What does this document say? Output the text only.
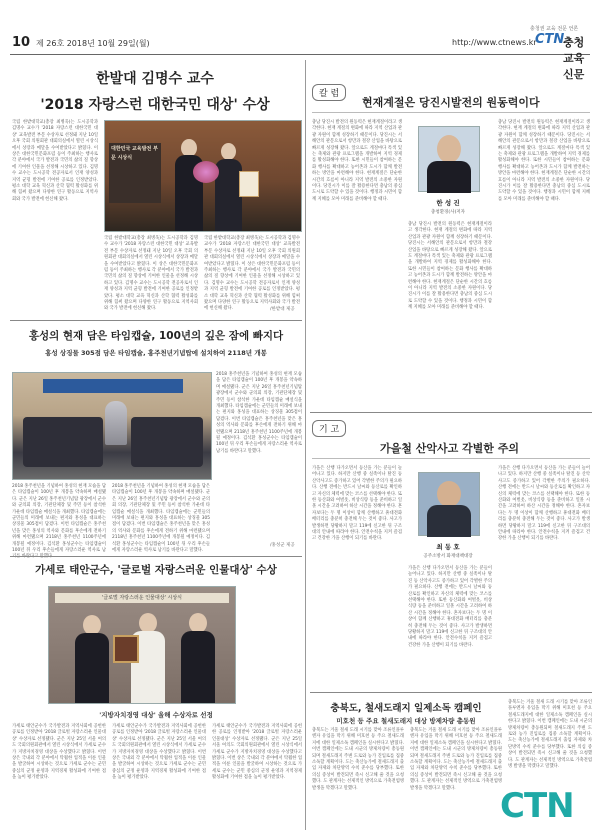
10 제 26호 2018년 10월 29일(월)
충청권 교육 전문 언론
http://www.ctnews.kr
CTN
충청교육신문
한발대 김명수 교수
'2018 자랑스런 대한국민 대상' 수상
국립 한밭대학교(총장 최병욱)는 도시공학과 김명수 교수가 '2018 자랑스런 대한국민 대상' 교육발전 부문 수상자로 선정돼 지난 10일 오후 국회 의원회관 대회의실에서 열린 시상식에서 상장과 메달을 수여받았다고 밝혔다. 이 상은 대한국민문화포럼 등이 주최하는 행사로 각 분야에서 국가 발전과 국민의 삶의 질 향상에 기여한 인물을 선정해 시상하고 있다. 김명수 교수는 도시공학 전공자로서 인재 양성과 지역 균형 발전에 기여한 공로를 인정받았다. 평소 대학 교육 혁신과 산학 협력 활성화를 위해 힘써 왔으며 다양한 연구 활동으로 지역사회와 국가 발전에 헌신해 왔다.
대한민국 교육발전 부문 시상식
국립 한밭대학교(총장 최병욱)는 도시공학과 김명수 교수가 '2018 자랑스런 대한국민 대상' 교육발전 부문 수상자로 선정돼 지난 10일 오후 국회 의원회관 대회의실에서 열린 시상식에서 상장과 메달을 수여받았다고 밝혔다. 이 상은 대한국민문화포럼 등이 주최하는 행사로 각 분야에서 국가 발전과 국민의 삶의 질 향상에 기여한 인물을 선정해 시상하고 있다. 김명수 교수는 도시공학 전공자로서 인재 양성과 지역 균형 발전에 기여한 공로를 인정받았다. 평소 대학 교육 혁신과 산학 협력 활성화를 위해 힘써 왔으며 다양한 연구 활동으로 지역사회와 국가 발전에 헌신해 왔다.
국립 한밭대학교(총장 최병욱)는 도시공학과 김명수 교수가 '2018 자랑스런 대한국민 대상' 교육발전 부문 수상자로 선정돼 지난 10일 오후 국회 의원회관 대회의실에서 열린 시상식에서 상장과 메달을 수여받았다고 밝혔다. 이 상은 대한국민문화포럼 등이 주최하는 행사로 각 분야에서 국가 발전과 국민의 삶의 질 향상에 기여한 인물을 선정해 시상하고 있다. 김명수 교수는 도시공학 전공자로서 인재 양성과 지역 균형 발전에 기여한 공로를 인정받았다. 평소 대학 교육 혁신과 산학 협력 활성화를 위해 힘써 왔으며 다양한 연구 활동으로 지역사회와 국가 발전에 헌신해 왔다.	/한밭대 제공
홍성의 현재 담은 타임캡슐, 100년의 깊은 잠에 빠지다
홍성 상징물 305점 담은 타임캡슐, 홍주천년기념탑에 설치하여 2118년 개봉
2018 홍주천년을 기념하여 홍성의 현재 모습을 담은 타임캡슐이 100년 후 개봉을 약속하며 매설됐다. 군은 지난 26일 홍주천년기념탑 광장에서 군수와 군의회 의장, 기관단체장 및 주민 등이 참석한 가운데 타임캡슐 매설식을 개최했다. 타임캡슐에는 군민들의 미래에 보내는 편지와 홍성을 대표하는 상징물 305점이 담겼다. 이번 타임캡슐은 홍주천년을 맞은 홍성의 역사와 문화를 후손에게 전하기 위해 마련됐으며 2118년 홍주천년 1100주년에 개봉될 예정이다. 김석환 홍성군수는 타임캡슐이 100년 뒤 우리 후손들에게 자랑스러운 역사로 남기를 바란다고 말했다.
2018 홍주천년을 기념하여 홍성의 현재 모습을 담은 타임캡슐이 100년 후 개봉을 약속하며 매설됐다. 군은 지난 26일 홍주천년기념탑 광장에서 군수와 군의회 의장, 기관단체장 및 주민 등이 참석한 가운데 타임캡슐 매설식을 개최했다. 타임캡슐에는 군민들의 미래에 보내는 편지와 홍성을 대표하는 상징물 305점이 담겼다. 이번 타임캡슐은 홍주천년을 맞은 홍성의 역사와 문화를 후손에게 전하기 위해 마련됐으며 2118년 홍주천년 1100주년에 개봉될 예정이다. 김석환 홍성군수는 타임캡슐이 100년 뒤 우리 후손들에게 자랑스러운 역사로 남
2018 홍주천년을 기념하여 홍성의 현재 모습을 담은 타임캡슐이 100년 후 개봉을 약속하며 매설됐다. 군은 지난 26일 홍주천년기념탑 광장에서 군수와 군의회 의장, 기관단체장 및 주민 등이 참석한 가운데 타임캡슐 매설식을 개최했다. 타임캡슐에는 군민들의 미래에 보내는 편지와 홍성을 대표하는 상징물 305점이 담겼다. 이번 타임캡슐은 홍주천년을 맞은 홍성의 역사와 문화를 후손에게 전하기 위해 마련됐으며 2118년 홍주천년 1100주년에 개봉될 예정이다. 김석환 홍성군수는 타임캡슐이 100년 뒤 우리 후손들에게 자랑스러운 역사로 남기를 바란다고 말했다.
/홍성군 제공
가세로 태안군수, '글로벌 자랑스러운 인물대상' 수상
'글로벌 자랑스러운 인물대상' 시상식
'지방자치경영 대상' 올해 수상자로 선정
가세로 태안군수가 국가발전과 지역사회에 공헌한 공로를 인정받아 '2018 글로벌 자랑스러운 인물대상' 수상자로 선정됐다. 군은 지난 25일 서울 여의도 국회의원회관에서 열린 시상식에서 가세로 군수가 지방자치경영 대상을 수상했다고 밝혔다. 이번 상은 국내외 각 분야에서 탁월한 업적을 이룬 인물을 발굴하여 시상하는 것으로 가세로 군수는 군민 중심의 군정 운영과 지역경제 활성화에 기여한 점을 높이 평가받았다.
가세로 태안군수가 국가발전과 지역사회에 공헌한 공로를 인정받아 '2018 글로벌 자랑스러운 인물대상' 수상자로 선정됐다. 군은 지난 25일 서울 여의도 국회의원회관에서 열린 시상식에서 가세로 군수가 지방자치경영 대상을 수상했다고 밝혔다. 이번 상은 국내외 각 분야에서 탁월한 업적을 이룬 인물을 발굴하여 시상하는 것으로 가세로 군수는 군민 중심의 군정 운영과 지역경제 활성화에 기여한 점을 높이 평가받았다.
가세로 태안군수가 국가발전과 지역사회에 공헌한 공로를 인정받아 '2018 글로벌 자랑스러운 인물대상' 수상자로 선정됐다. 군은 지난 25일 서울 여의도 국회의원회관에서 열린 시상식에서 가세로 군수가 지방자치경영 대상을 수상했다고 밝혔다. 이번 상은 국내외 각 분야에서 탁월한 업적을 이룬 인물을 발굴하여 시상하는 것으로 가세로 군수는 군민 중심의 군정 운영과 지역경제 활성화에 기여한 점을 높이 평가받았다.
칼 럼
현재계절은 당진시발전의 원동력이다
충남 당진시 발전의 원동력은 현재계절이라고 생각한다. 현재 계절의 변화에 따라 지역 산업과 관광 자원이 함께 성장하기 때문이다. 당진시는 서해안의 관문으로서 항만과 철강 산업을 바탕으로 빠르게 성장해 왔다. 앞으로도 계절마다 특색 있는 축제와 관광 프로그램을 개발하여 지역 경제를 활성화해야 한다. 또한 시민들이 참여하는 문화 행사를 확대하고 농어촌과 도시가 함께 발전하는 방안을 마련해야 한다. 현재계절은 단순한 시간의 흐름이 아니라 지역 발전의 소중한 자원이다. 당진시가 이를 잘 활용한다면 충남의 중심 도시로 도약할 수 있을 것이다. 행정과 시민이 함께 지혜를 모아 미래를 준비해야 할 때다.	한 성 진
충청환경(사)저자
충남 당진시 발전의 원동력은 현재계절이라고 생각한다. 현재 계절의 변화에 따라 지역 산업과 관광 자원이 함께 성장하기 때문이다. 당진시는 서해안의 관문으로서 항만과 철강 산업을 바탕으로 빠르게 성장해 왔다. 앞으로도 계절마다 특색 있는 축제와 관광 프로그램을 개발하여 지역 경제를 활성화해야 한다. 또한 시민들이 참여하는 문화 행사를 확대하고 농어촌과 도시가 함께 발전하는 방안을 마련해야 한다. 현재계절은 단순한 시간의 흐름이 아니라 지역 발전의 소중한 자원이다. 당진시가 이를 잘 활용한다면 충남의 중심 도시로 도약할 수 있을 것이다. 행정과 시민이 함께 지혜를 모아 미래를 준비해야 할 때다.
충남 당진시 발전의 원동력은 현재계절이라고 생각한다. 현재 계절의 변화에 따라 지역 산업과 관광 자원이 함께 성장하기 때문이다. 당진시는 서해안의 관문으로서 항만과 철강 산업을 바탕으로 빠르게 성장해 왔다. 앞으로도 계절마다 특색 있는 축제와 관광 프로그램을 개발하여 지역 경제를 활성화해야 한다. 또한 시민들이 참여하는 문화 행사를 확대하고 농어촌과 도시가 함께 발전하는 방안을 마련해야 한다. 현재계절은 단순한 시간의 흐름이 아니라 지역 발전의 소중한 자원이다. 당진시가 이를 잘 활용한다면 충남의 중심 도시로 도약할 수 있을 것이다. 행정과 시민이 함께 지혜를 모아 미래를 준비해야 할 때다.
기 고
가을철 산악사고 각별한 주의
가을은 산행 다가오면서 등산을 가는 분들이 늘어나고 있다. 하지만 산행 중 실족이나 탈진 등 산악사고도 증가하고 있어 각별한 주의가 필요하다. 산행 전에는 반드시 날씨와 등산로를 확인하고 자신의 체력에 맞는 코스를 선택해야 한다. 또한 등산화와 여벌옷, 비상식량 등을 준비하고 일몰 시간을 고려하여 하산 시간을 정해야 한다. 혼자보다는 두 명 이상이 함께 산행하고 휴대전화 배터리를 충분히 충전해 두는 것이 좋다. 사고가 발생하면 당황하지 말고 119에 신고한 뒤 구조대의 안내에 따라야 한다. 안전수칙을 지켜 즐겁고 건강한 가을 산행이 되기를 바란다.
최 동 호
공주소방서 화재대책대장
가을은 산행 다가오면서 등산을 가는 분들이 늘어나고 있다. 하지만 산행 중 실족이나 탈진 등 산악사고도 증가하고 있어 각별한 주의가 필요하다. 산행 전에는 반드시 날씨와 등산로를 확인하고 자신의 체력에 맞는 코스를 선택해야 한다. 또한 등산화와 여벌옷, 비상식량 등을 준비하고 일몰 시간을 고려하여 하산 시간을 정해야 한다. 혼자보다는 두 명 이상이 함께 산행하고 휴대전화 배터리를 충분히 충전해 두는 것이 좋다. 사고가 발생하면 당황하지 말고 119에 신고한 뒤 구조대의 안내에 따라야 한다. 안전수칙을 지켜 즐겁고 건강한 가을 산행이 되기를 바란다.
가을은 산행 다가오면서 등산을 가는 분들이 늘어나고 있다. 하지만 산행 중 실족이나 탈진 등 산악사고도 증가하고 있어 각별한 주의가 필요하다. 산행 전에는 반드시 날씨와 등산로를 확인하고 자신의 체력에 맞는 코스를 선택해야 한다. 또한 등산화와 여벌옷, 비상식량 등을 준비하고 일몰 시간을 고려하여 하산 시간을 정해야 한다. 혼자보다는 두 명 이상이 함께 산행하고 휴대전화 배터리를 충분히 충전해 두는 것이 좋다. 사고가 발생하면 당황하지 말고 119에 신고한 뒤 구조대의 안내에 따라야 한다. 안전수칙을 지켜 즐겁고 건강한 가을 산행이 되기를 바란다.
충북도, 철새도래지 일제소독 캠페인
미호천 등 주요 철새도래지 대상 방제차량 총동원
충북도는 겨울 철새 도래 시기를 맞아 조류인플루엔자 유입을 막기 위해 미호천 등 주요 철새도래지에 대한 일제소독 캠페인을 실시한다고 밝혔다. 이번 캠페인에는 도내 시군의 방제차량이 총동원되며 철새도래지 주변 도로와 농가 진입로를 집중 소독할 계획이다. 도는 축산농가에 철새도래지 출입 자제와 차단방역 수칙 준수를 당부했다. 또한 의심 증상이 발견되면 즉시 신고해 줄 것을 요청했다. 도 관계자는 선제적인 방역으로 가축전염병 발생을 막겠다고 말했다.
충북도는 겨울 철새 도래 시기를 맞아 조류인플루엔자 유입을 막기 위해 미호천 등 주요 철새도래지에 대한 일제소독 캠페인을 실시한다고 밝혔다. 이번 캠페인에는 도내 시군의 방제차량이 총동원되며 철새도래지 주변 도로와 농가 진입로를 집중 소독할 계획이다. 도는 축산농가에 철새도래지 출입 자제와 차단방역 수칙 준수를 당부했다. 또한 의심 증상이 발견되면 즉시 신고해 줄 것을 요청했다. 도 관계자는 선제적인 방역으로 가축전염병 발생을 막겠다고 말했다.
충북도는 겨울 철새 도래 시기를 맞아 조류인플루엔자 유입을 막기 위해 미호천 등 주요 철새도래지에 대한 일제소독 캠페인을 실시한다고 밝혔다. 이번 캠페인에는 도내 시군의 방제차량이 총동원되며 철새도래지 주변 도로와 농가 진입로를 집중 소독할 계획이다. 도는 축산농가에 철새도래지 출입 자제와 차단방역 수칙 준수를 당부했다. 또한 의심 증상이 발견되면 즉시 신고해 줄 것을 요청했다. 도 관계자는 선제적인 방역으로 가축전염병 발생을 막겠다고 말했다.
CTN
